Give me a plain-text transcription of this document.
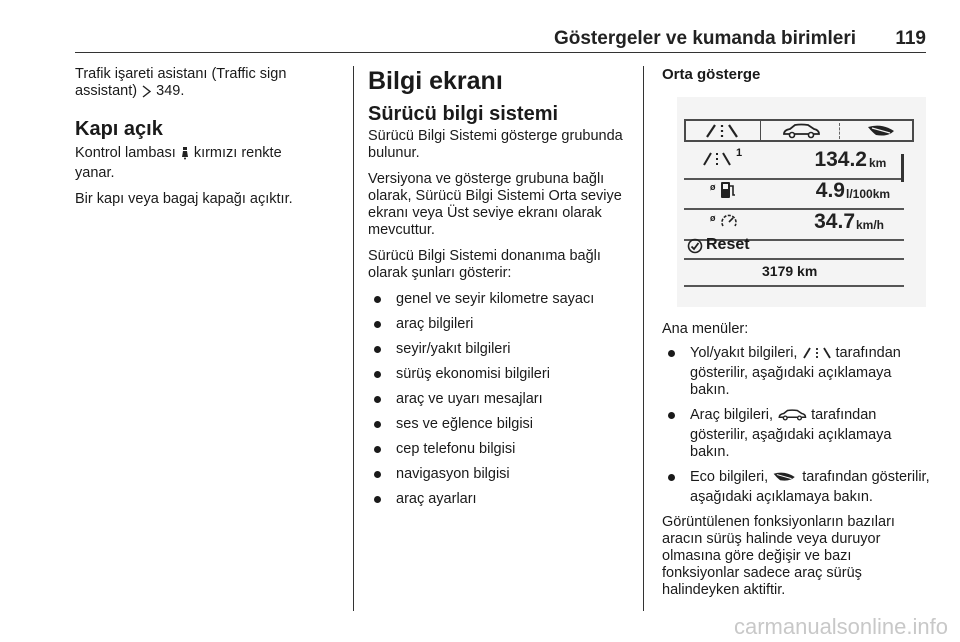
Göstergeler ve kumanda birimleri 119

Trafik işareti asistanı (Traffic sign
assistant) 349.

Kapı açık

Kontrol lambası kırmızı renkte
yanar.

Bir kapı veya bagaj kapağı açıktır.

Bilgi ekranı
Sürücü bilgi sistemi

Sürücü Bilgi Sistemi gösterge grubunda bulunur.

Versiyona ve gösterge grubuna bağlı olarak, Sürücü Bilgi Sistemi Orta seviye ekranı veya Üst seviye ekranı olarak mevcuttur.

Sürücü Bilgi Sistemi donanıma bağlı olarak şunları gösterir:

genel ve seyir kilometre sayacı
araç bilgileri
seyir/yakıt bilgileri
sürüş ekonomisi bilgileri
araç ve uyarı mesajları
ses ve eğlence bilgisi
cep telefonu bilgisi
navigasyon bilgisi
araç ayarları
Orta gösterge
1	134.2 km
ø	4.9 l/100km
ø	34.7 km/h
Reset
3179 km

Ana menüler:

Yol/yakıt bilgileri,	tarafından gösterilir, aşağıdaki açıklamaya bakın.
Araç bilgileri,	tarafından gösterilir, aşağıdaki açıklamaya bakın.
Eco bilgileri, tarafından gösterilir, aşağıdaki açıklamaya bakın.

Görüntülenen fonksiyonların bazıları aracın sürüş halinde veya duruyor olmasına göre değişir ve bazı fonksiyonlar sadece araç sürüş halindeyken aktiftir.

carmanualsonline.info
